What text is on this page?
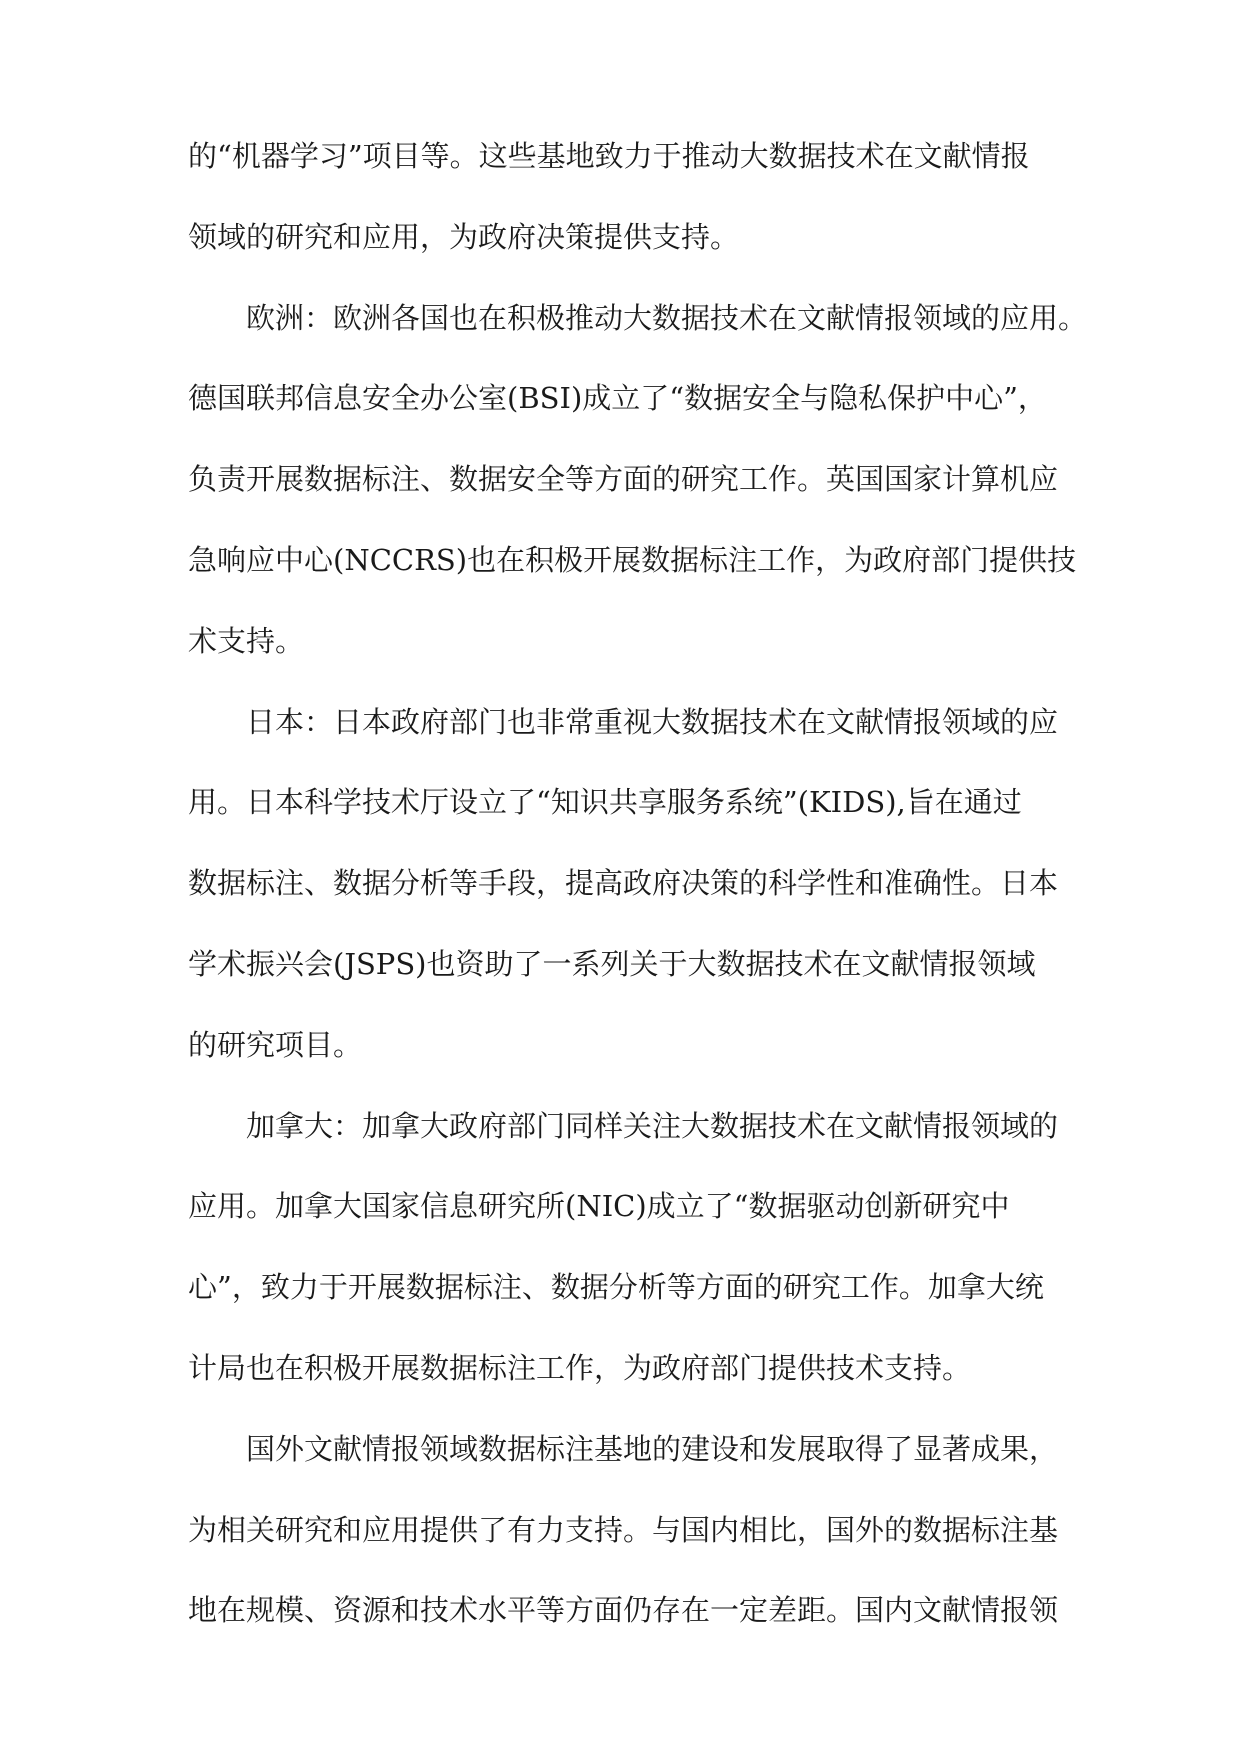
的“机器学习”项目等。这些基地致力于推动大数据技术在文献情报
领域的研究和应用，为政府决策提供支持。
欧洲：欧洲各国也在积极推动大数据技术在文献情报领域的应用。
德国联邦信息安全办公室(BSI)成立了“数据安全与隐私保护中心”，
负责开展数据标注、数据安全等方面的研究工作。英国国家计算机应
急响应中心(NCCRS)也在积极开展数据标注工作，为政府部门提供技
术支持。
日本：日本政府部门也非常重视大数据技术在文献情报领域的应
用。日本科学技术厅设立了“知识共享服务系统”(KIDS),旨在通过
数据标注、数据分析等手段，提高政府决策的科学性和准确性。日本
学术振兴会(JSPS)也资助了一系列关于大数据技术在文献情报领域
的研究项目。
加拿大：加拿大政府部门同样关注大数据技术在文献情报领域的
应用。加拿大国家信息研究所(NIC)成立了“数据驱动创新研究中
心”，致力于开展数据标注、数据分析等方面的研究工作。加拿大统
计局也在积极开展数据标注工作，为政府部门提供技术支持。
国外文献情报领域数据标注基地的建设和发展取得了显著成果，
为相关研究和应用提供了有力支持。与国内相比，国外的数据标注基
地在规模、资源和技术水平等方面仍存在一定差距。国内文献情报领
